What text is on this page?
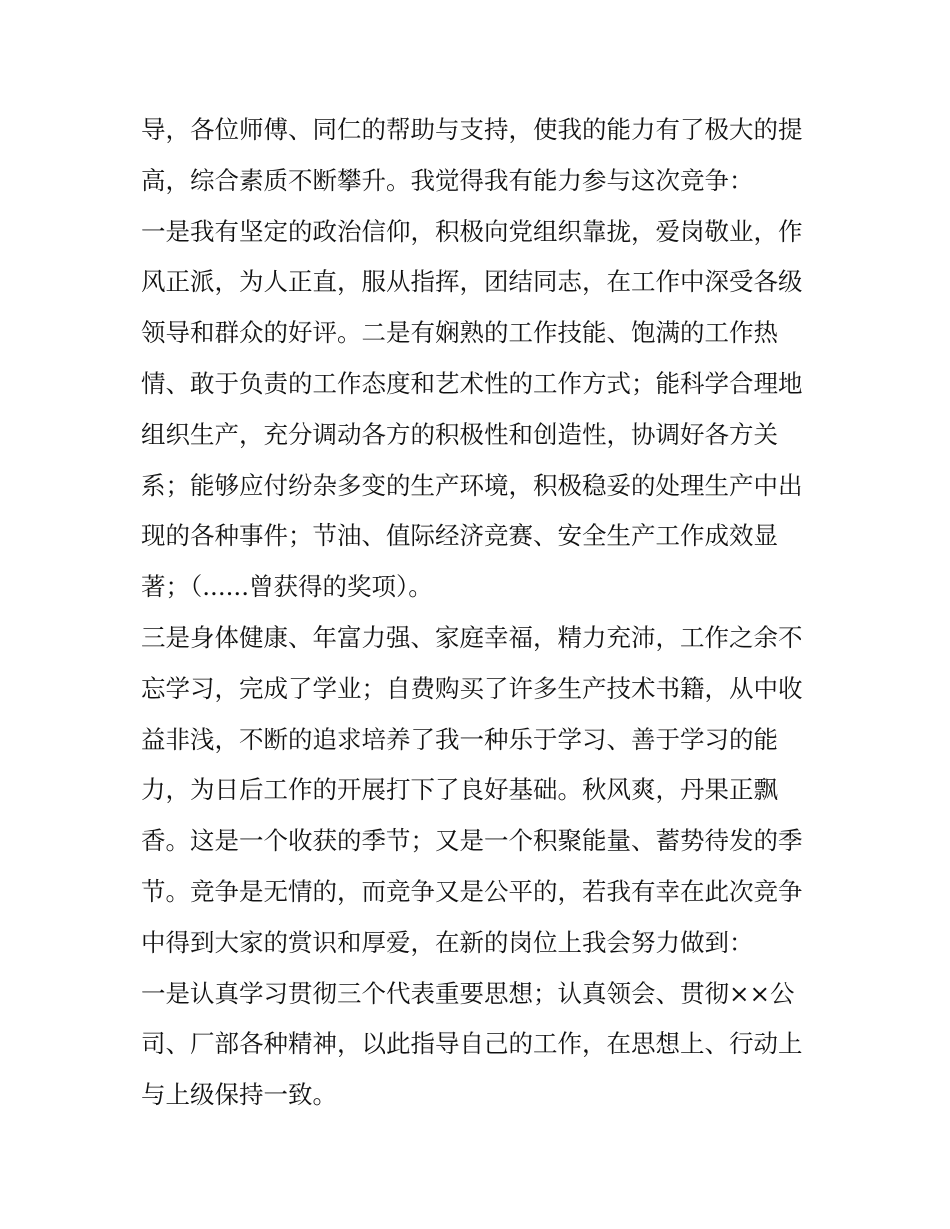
导，各位师傅、同仁的帮助与支持，使我的能力有了极大的提
高，综合素质不断攀升。我觉得我有能力参与这次竞争：
一是我有坚定的政治信仰，积极向党组织靠拢，爱岗敬业，作
风正派，为人正直，服从指挥，团结同志，在工作中深受各级
领导和群众的好评。二是有娴熟的工作技能、饱满的工作热
情、敢于负责的工作态度和艺术性的工作方式；能科学合理地
组织生产，充分调动各方的积极性和创造性，协调好各方关
系；能够应付纷杂多变的生产环境，积极稳妥的处理生产中出
现的各种事件；节油、值际经济竞赛、安全生产工作成效显
著；（......曾获得的奖项）。
三是身体健康、年富力强、家庭幸福，精力充沛，工作之余不
忘学习，完成了学业；自费购买了许多生产技术书籍，从中收
益非浅，不断的追求培养了我一种乐于学习、善于学习的能
力，为日后工作的开展打下了良好基础。秋风爽，丹果正飘
香。这是一个收获的季节；又是一个积聚能量、蓄势待发的季
节。竞争是无情的，而竞争又是公平的，若我有幸在此次竞争
中得到大家的赏识和厚爱，在新的岗位上我会努力做到：
一是认真学习贯彻三个代表重要思想；认真领会、贯彻××公
司、厂部各种精神，以此指导自己的工作，在思想上、行动上
与上级保持一致。
